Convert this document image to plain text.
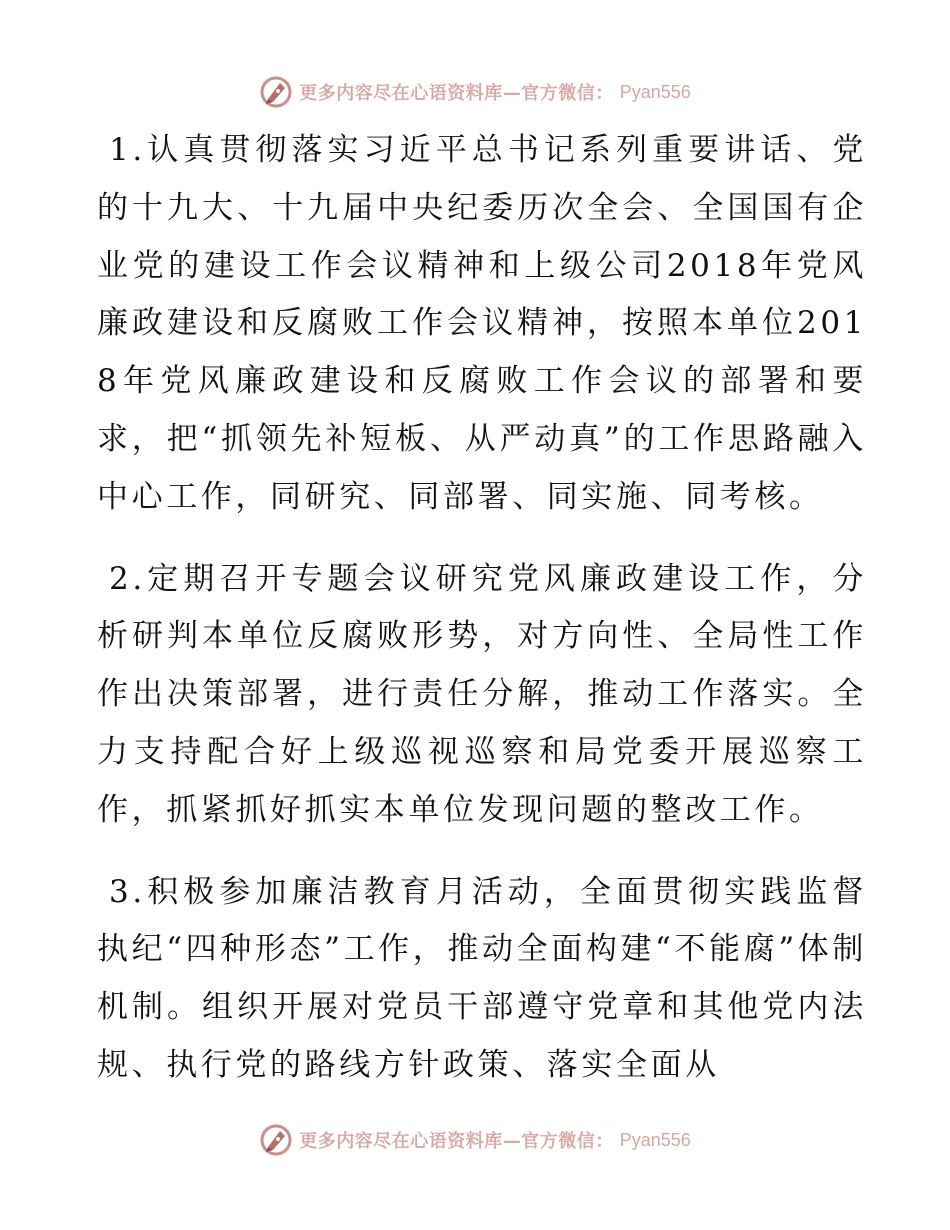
更多内容尽在心语资料库—官方微信： Pyan556

1.认真贯彻落实习近平总书记系列重要讲话、党的十九大、十九届中央纪委历次全会、全国国有企业党的建设工作会议精神和上级公司2018年党风廉政建设和反腐败工作会议精神，按照本单位2018年党风廉政建设和反腐败工作会议的部署和要求，把“抓领先补短板、从严动真”的工作思路融入中心工作，同研究、同部署、同实施、同考核。

2.定期召开专题会议研究党风廉政建设工作，分析研判本单位反腐败形势，对方向性、全局性工作作出决策部署，进行责任分解，推动工作落实。全力支持配合好上级巡视巡察和局党委开展巡察工作，抓紧抓好抓实本单位发现问题的整改工作。

3.积极参加廉洁教育月活动，全面贯彻实践监督执纪“四种形态”工作，推动全面构建“不能腐”体制机制。组织开展对党员干部遵守党章和其他党内法规、执行党的路线方针政策、落实全面从

更多内容尽在心语资料库—官方微信： Pyan556
